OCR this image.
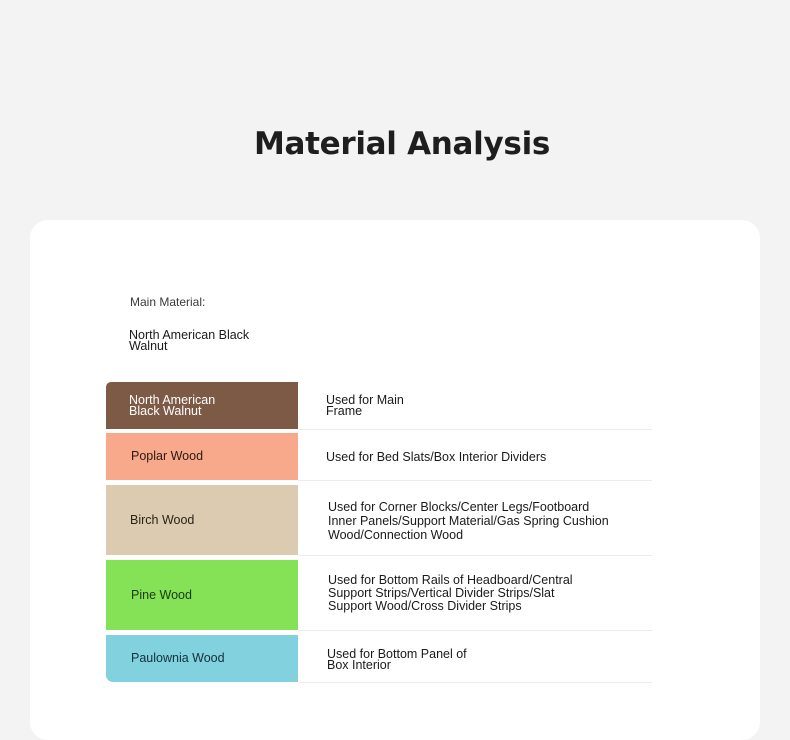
Material Analysis
Main Material:
North American Black Walnut
North American Black Walnut
Used for Main Frame
Poplar Wood	Used for Bed Slats/Box Interior Dividers
Birch Wood
Used for Corner Blocks/Center Legs/Footboard Inner Panels/Support Material/Gas Spring Cushion Wood/Connection Wood
Pine Wood
Used for Bottom Rails of Headboard/Central Support Strips/Vertical Divider Strips/Slat Support Wood/Cross Divider Strips
Paulownia Wood	Used for Bottom Panel of Box Interior
